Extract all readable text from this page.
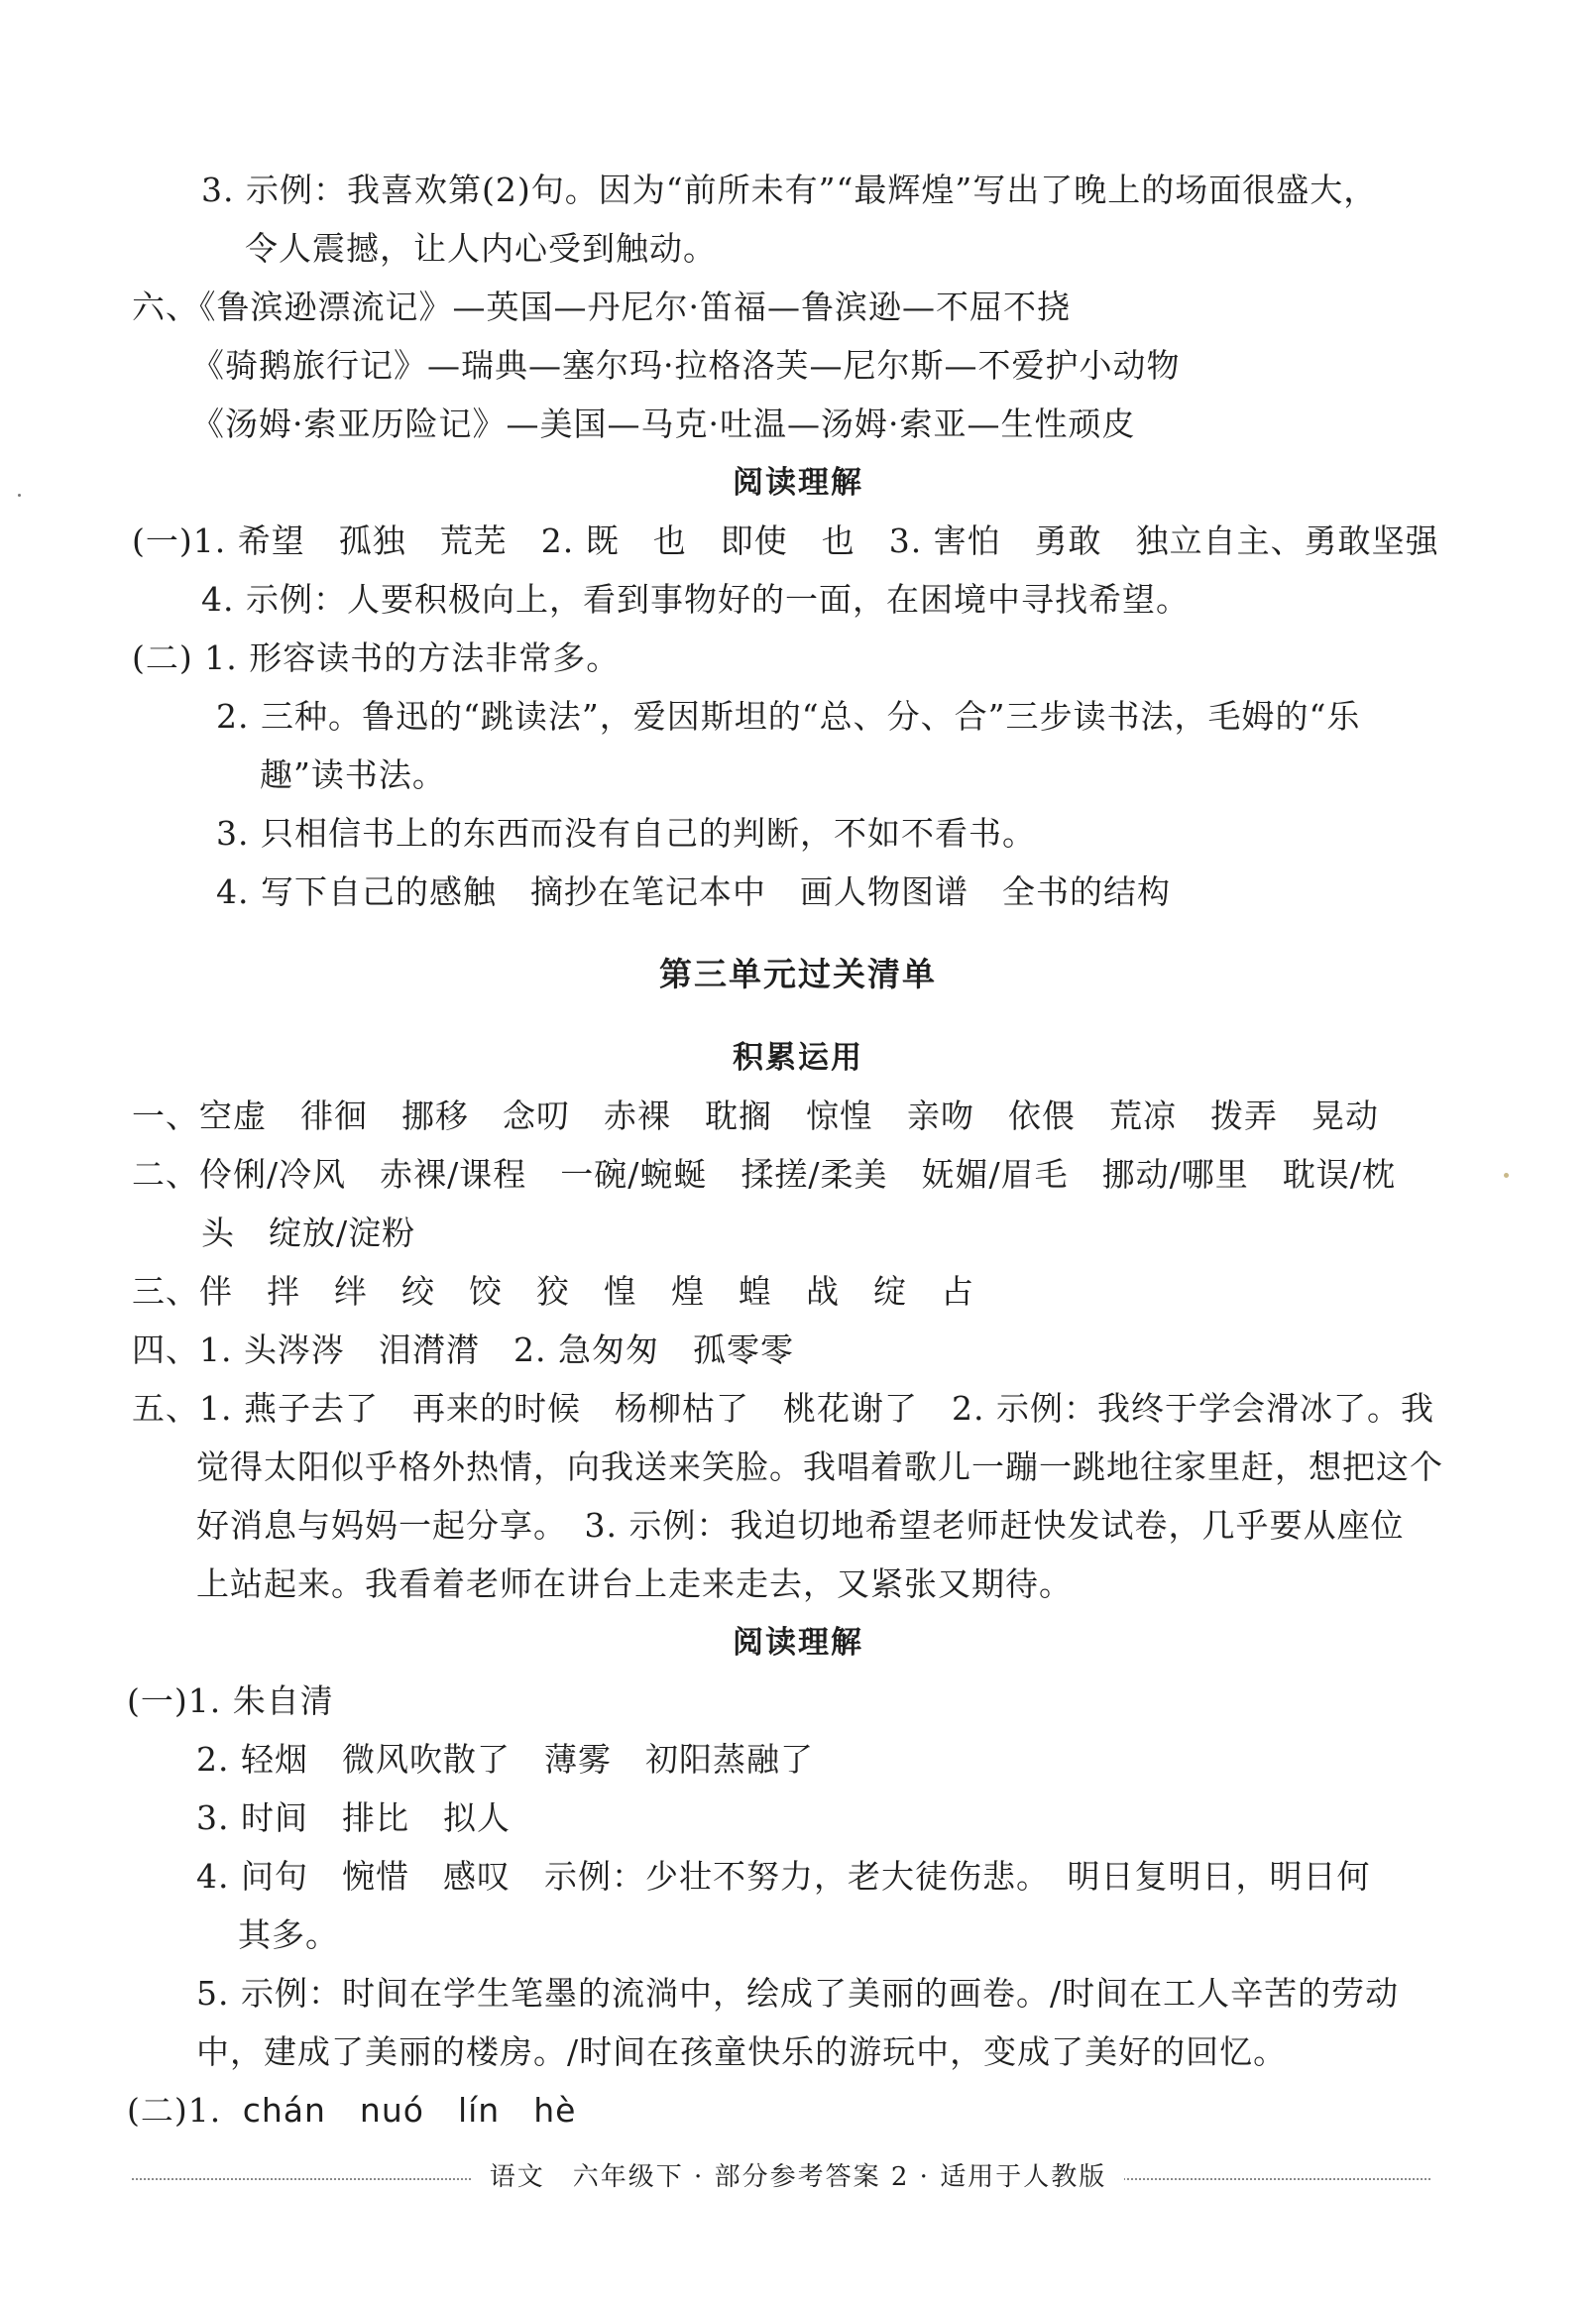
3. 示例：我喜欢第(2)句。因为“前所未有”“最辉煌”写出了晚上的场面很盛大，
令人震撼，让人内心受到触动。
六、《鲁滨逊漂流记》—英国—丹尼尔·笛福—鲁滨逊—不屈不挠
《骑鹅旅行记》—瑞典—塞尔玛·拉格洛芙—尼尔斯—不爱护小动物
《汤姆·索亚历险记》—美国—马克·吐温—汤姆·索亚—生性顽皮
阅读理解
(一)1. 希望　孤独　荒芜　2. 既　也　即使　也　3. 害怕　勇敢　独立自主、勇敢坚强
4. 示例：人要积极向上，看到事物好的一面，在困境中寻找希望。
(二) 1. 形容读书的方法非常多。
2. 三种。鲁迅的“跳读法”，爱因斯坦的“总、分、合”三步读书法，毛姆的“乐
趣”读书法。
3. 只相信书上的东西而没有自己的判断，不如不看书。
4. 写下自己的感触　摘抄在笔记本中　画人物图谱　全书的结构
第三单元过关清单
积累运用
一、空虚　徘徊　挪移　念叨　赤裸　耽搁　惊惶　亲吻　依偎　荒凉　拨弄　晃动
二、伶俐/冷风　赤裸/课程　一碗/蜿蜒　揉搓/柔美　妩媚/眉毛　挪动/哪里　耽误/枕
头　绽放/淀粉
三、伴　拌　绊　绞　饺　狡　惶　煌　蝗　战　绽　占
四、1. 头涔涔　泪潸潸　2. 急匆匆　孤零零
五、1. 燕子去了　再来的时候　杨柳枯了　桃花谢了　2. 示例：我终于学会滑冰了。我
觉得太阳似乎格外热情，向我送来笑脸。我唱着歌儿一蹦一跳地往家里赶，想把这个
好消息与妈妈一起分享。　3. 示例：我迫切地希望老师赶快发试卷，几乎要从座位
上站起来。我看着老师在讲台上走来走去，又紧张又期待。
阅读理解
(一)1. 朱自清
2. 轻烟　微风吹散了　薄雾　初阳蒸融了
3. 时间　排比　拟人
4. 问句　惋惜　感叹　示例：少壮不努力，老大徒伤悲。　明日复明日，明日何
其多。
5. 示例：时间在学生笔墨的流淌中，绘成了美丽的画卷。/时间在工人辛苦的劳动
中，建成了美丽的楼房。/时间在孩童快乐的游玩中，变成了美好的回忆。
(二)1. chán　nuó　lín　hè
语文　六年级下 · 部分参考答案 2 · 适用于人教版
